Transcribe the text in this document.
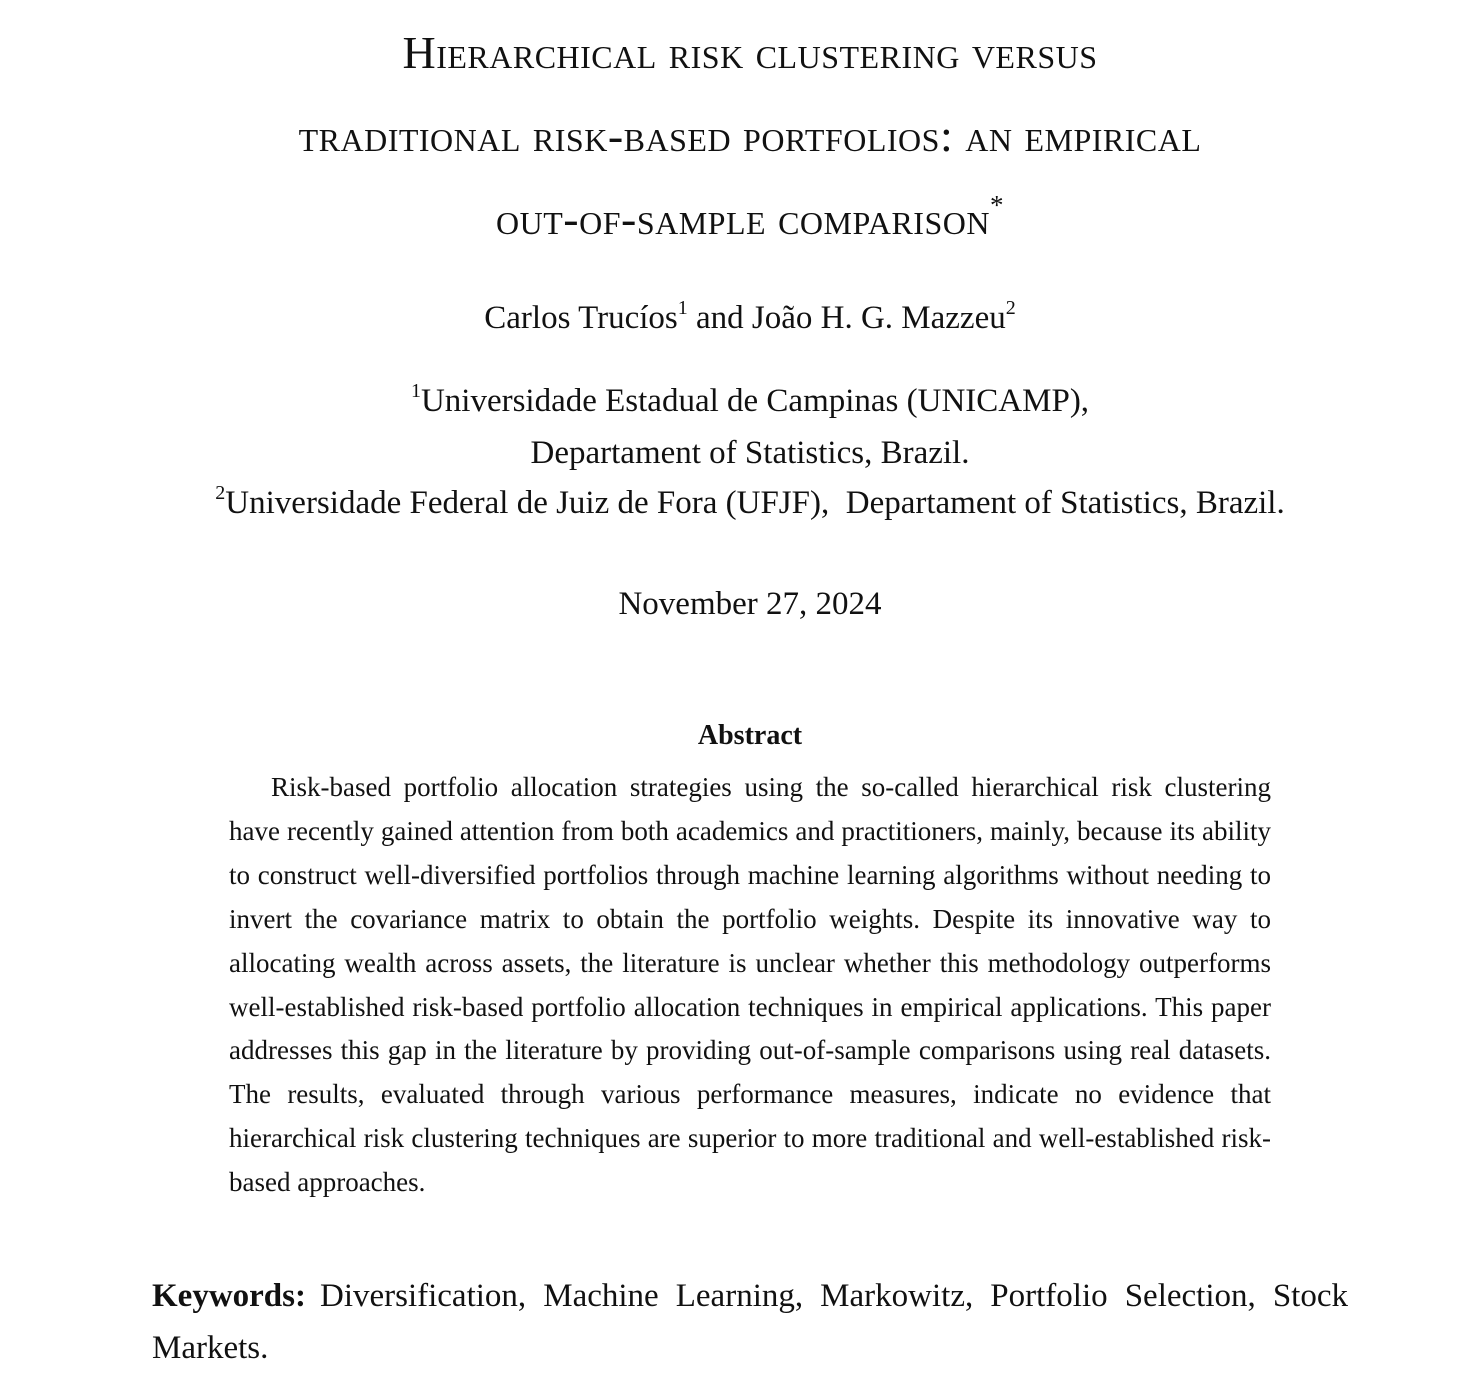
Hierarchical risk clustering versus
traditional risk-based portfolios: an empirical
out-of-sample comparison*
Carlos Trucíos$^1$ and João H. G. Mazzeu$^2$
$^1$Universidade Estadual de Campinas (UNICAMP),
Departament of Statistics, Brazil.
$^2$Universidade Federal de Juiz de Fora (UFJF),  Departament of Statistics, Brazil.
November 27, 2024
Abstract
Risk-based portfolio allocation strategies using the so-called hierarchical risk clustering have recently gained attention from both academics and practitioners, mainly, because its ability to construct well-diversified portfolios through machine learning algorithms without needing to invert the covariance matrix to obtain the portfolio weights. Despite its innovative way to allocating wealth across assets, the literature is unclear whether this methodology outperforms well-established risk-based portfolio allocation techniques in empirical applications. This paper addresses this gap in the literature by providing out-of-sample comparisons using real datasets. The results, evaluated through various performance measures, indicate no evidence that hierarchical risk clustering techniques are superior to more traditional and well-established risk-based approaches.
Keywords: Diversification, Machine Learning, Markowitz, Portfolio Selection, Stock Markets.
